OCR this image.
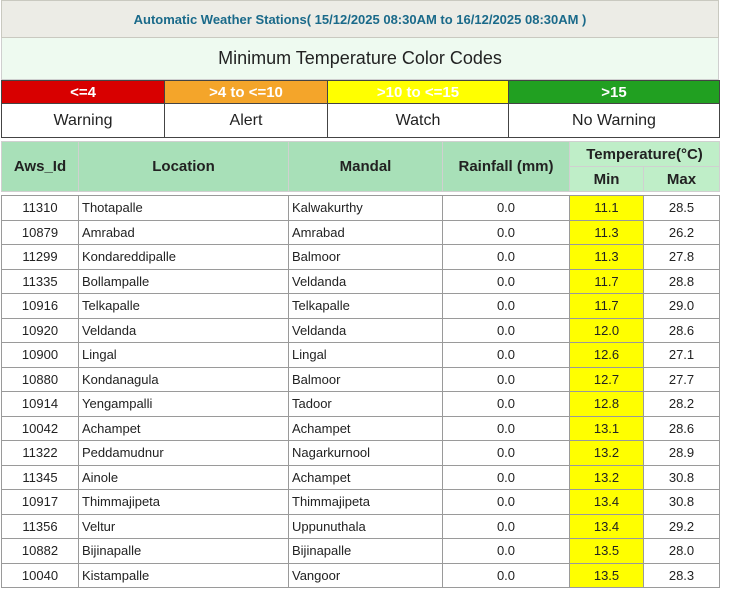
Automatic Weather Stations( 15/12/2025 08:30AM to 16/12/2025 08:30AM )
Minimum Temperature Color Codes
<=4	>4 to <=10	>10 to <=15	>15
Warning	Alert	Watch	No Warning
Aws_Id	Location	Mandal	Rainfall (mm)	Temperature(°C)	
				Min	Max

11310	Thotapalle	Kalwakurthy	0.0	11.1	28.5
10879	Amrabad	Amrabad	0.0	11.3	26.2
11299	Kondareddipalle	Balmoor	0.0	11.3	27.8
11335	Bollampalle	Veldanda	0.0	11.7	28.8
10916	Telkapalle	Telkapalle	0.0	11.7	29.0
10920	Veldanda	Veldanda	0.0	12.0	28.6
10900	Lingal	Lingal	0.0	12.6	27.1
10880	Kondanagula	Balmoor	0.0	12.7	27.7
10914	Yengampalli	Tadoor	0.0	12.8	28.2
10042	Achampet	Achampet	0.0	13.1	28.6
11322	Peddamudnur	Nagarkurnool	0.0	13.2	28.9
11345	Ainole	Achampet	0.0	13.2	30.8
10917	Thimmajipeta	Thimmajipeta	0.0	13.4	30.8
11356	Veltur	Uppunuthala	0.0	13.4	29.2
10882	Bijinapalle	Bijinapalle	0.0	13.5	28.0
10040	Kistampalle	Vangoor	0.0	13.5	28.3
